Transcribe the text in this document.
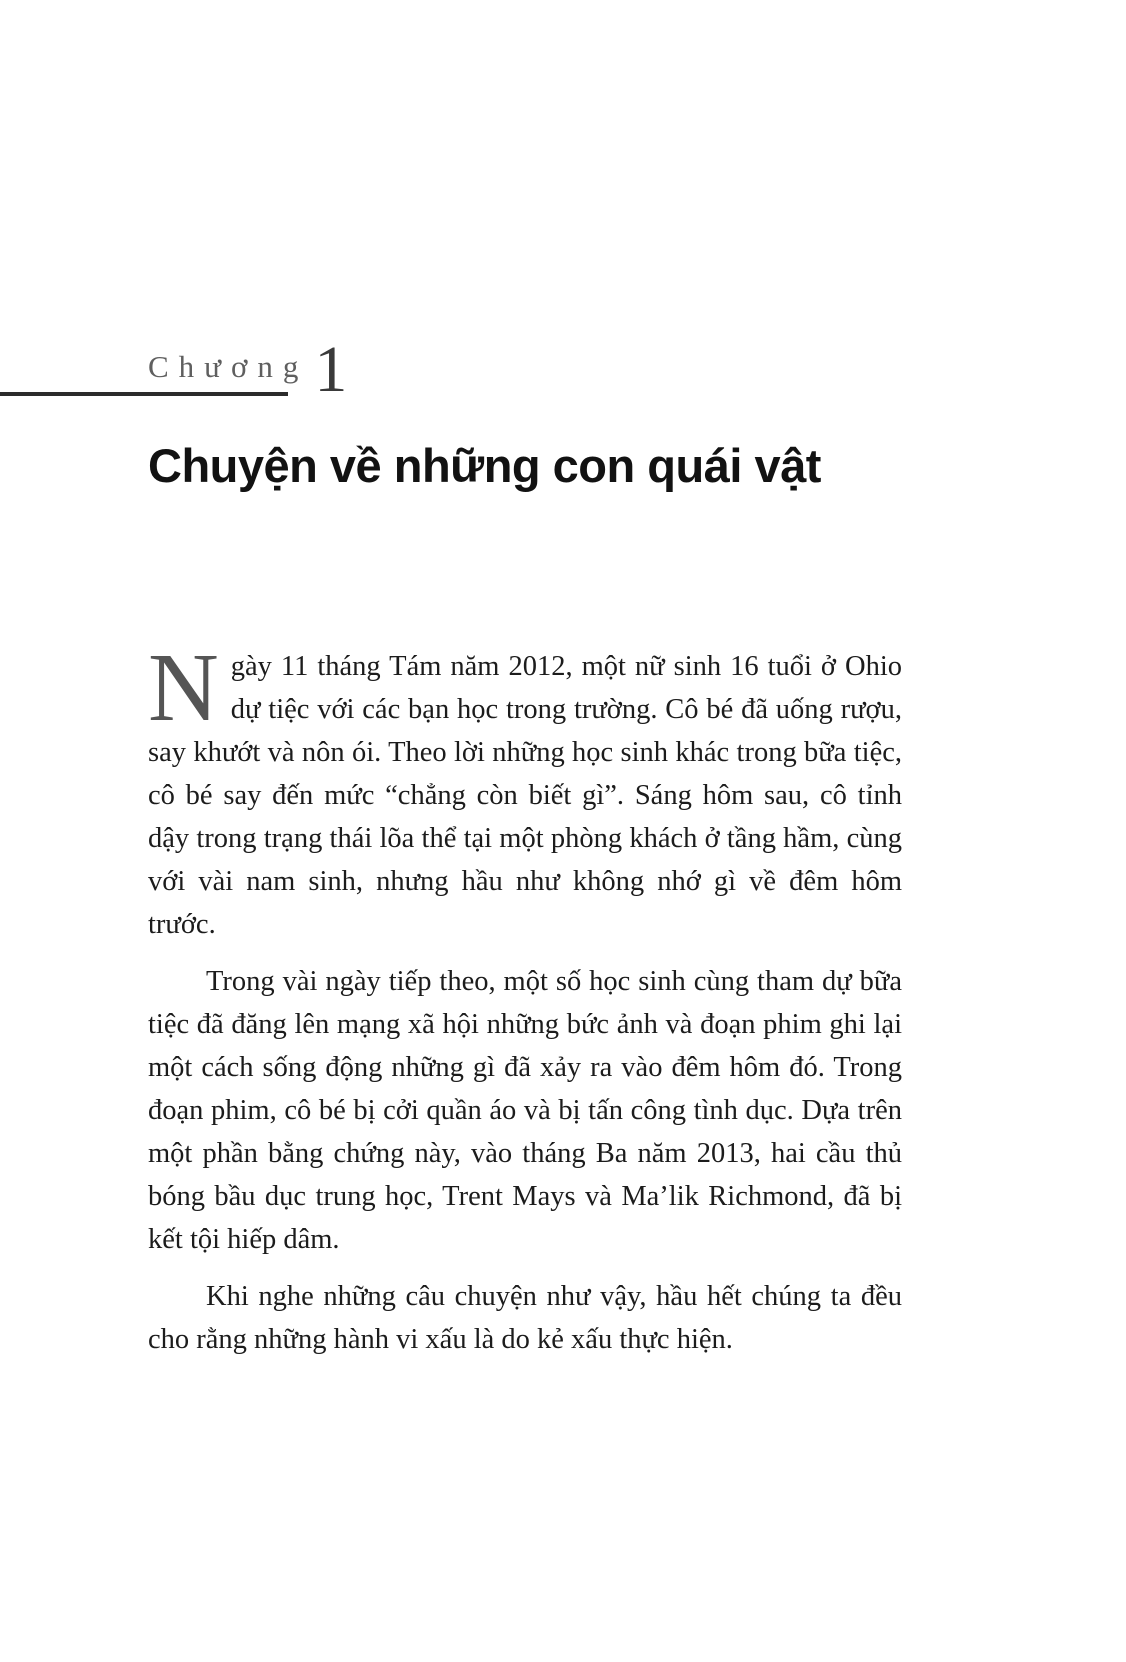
Chương 1
Chuyện về những con quái vật

Ngày 11 tháng Tám năm 2012, một nữ sinh 16 tuổi ở Ohio dự tiệc với các bạn học trong trường. Cô bé đã uống rượu, say khướt và nôn ói. Theo lời những học sinh khác trong bữa tiệc, cô bé say đến mức “chẳng còn biết gì”. Sáng hôm sau, cô tỉnh dậy trong trạng thái lõa thể tại một phòng khách ở tầng hầm, cùng với vài nam sinh, nhưng hầu như không nhớ gì về đêm hôm trước.

Trong vài ngày tiếp theo, một số học sinh cùng tham dự bữa tiệc đã đăng lên mạng xã hội những bức ảnh và đoạn phim ghi lại một cách sống động những gì đã xảy ra vào đêm hôm đó. Trong đoạn phim, cô bé bị cởi quần áo và bị tấn công tình dục. Dựa trên một phần bằng chứng này, vào tháng Ba năm 2013, hai cầu thủ bóng bầu dục trung học, Trent Mays và Ma’lik Richmond, đã bị kết tội hiếp dâm.

Khi nghe những câu chuyện như vậy, hầu hết chúng ta đều cho rằng những hành vi xấu là do kẻ xấu thực hiện.
